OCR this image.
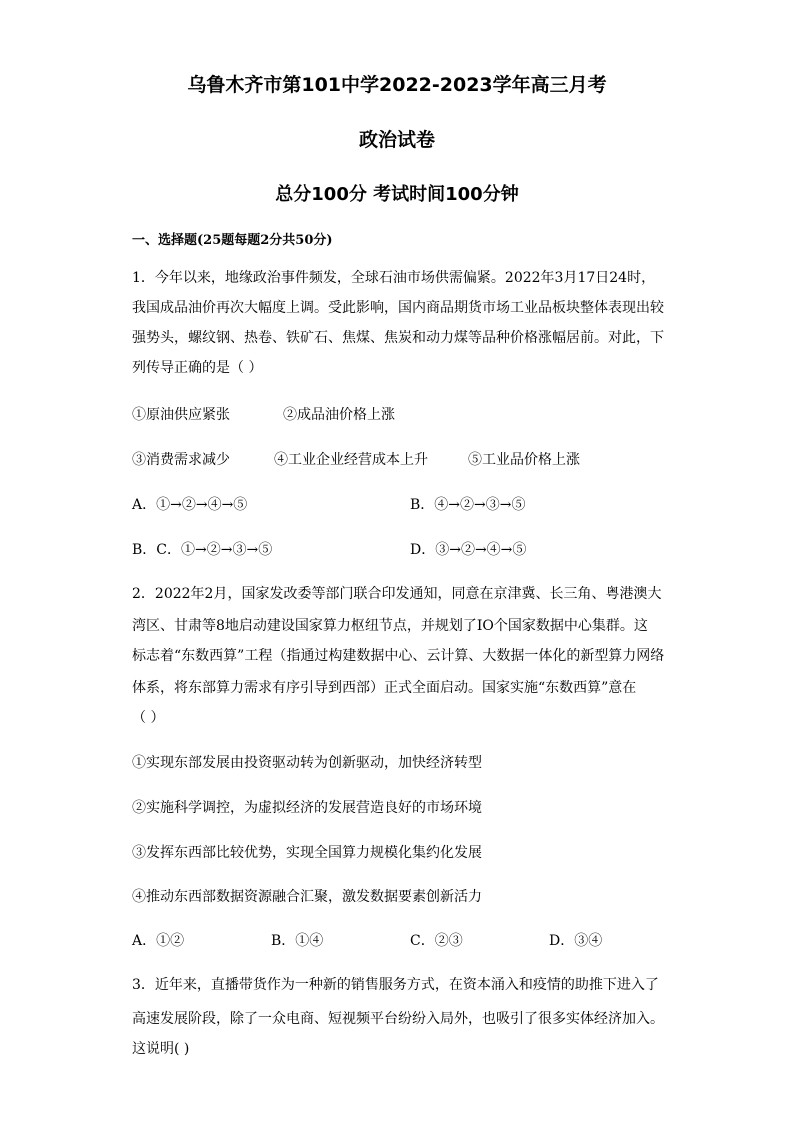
乌鲁木齐市第101中学2022-2023学年高三月考
政治试卷
总分100分 考试时间100分钟
一、选择题(25题每题2分共50分)
1．今年以来，地缘政治事件频发，全球石油市场供需偏紧。2022年3月17日24时，
我国成品油价再次大幅度上调。受此影响，国内商品期货市场工业品板块整体表现出较
强势头，螺纹钢、热卷、铁矿石、焦煤、焦炭和动力煤等品种价格涨幅居前。对此，下
列传导正确的是（ ）
①原油供应紧张	②成品油价格上涨
③消费需求减少	④工业企业经营成本上升	⑤工业品价格上涨
A．①→②→④→⑤	B．④→②→③→⑤
B．C．①→②→③→⑤	D．③→②→④→⑤
2．2022年2月，国家发改委等部门联合印发通知，同意在京津冀、长三角、粤港澳大
湾区、甘肃等8地启动建设国家算力枢纽节点，并规划了IO个国家数据中心集群。这
标志着“东数西算”工程（指通过构建数据中心、云计算、大数据一体化的新型算力网络
体系，将东部算力需求有序引导到西部）正式全面启动。国家实施“东数西算”意在
（ ）
①实现东部发展由投资驱动转为创新驱动，加快经济转型
②实施科学调控，为虚拟经济的发展营造良好的市场环境
③发挥东西部比较优势，实现全国算力规模化集约化发展
④推动东西部数据资源融合汇聚，激发数据要素创新活力
A．①②	B．①④	C．②③	D．③④
3．近年来，直播带货作为一种新的销售服务方式，在资本涌入和疫情的助推下进入了
高速发展阶段，除了一众电商、短视频平台纷纷入局外，也吸引了很多实体经济加入。
这说明( )
